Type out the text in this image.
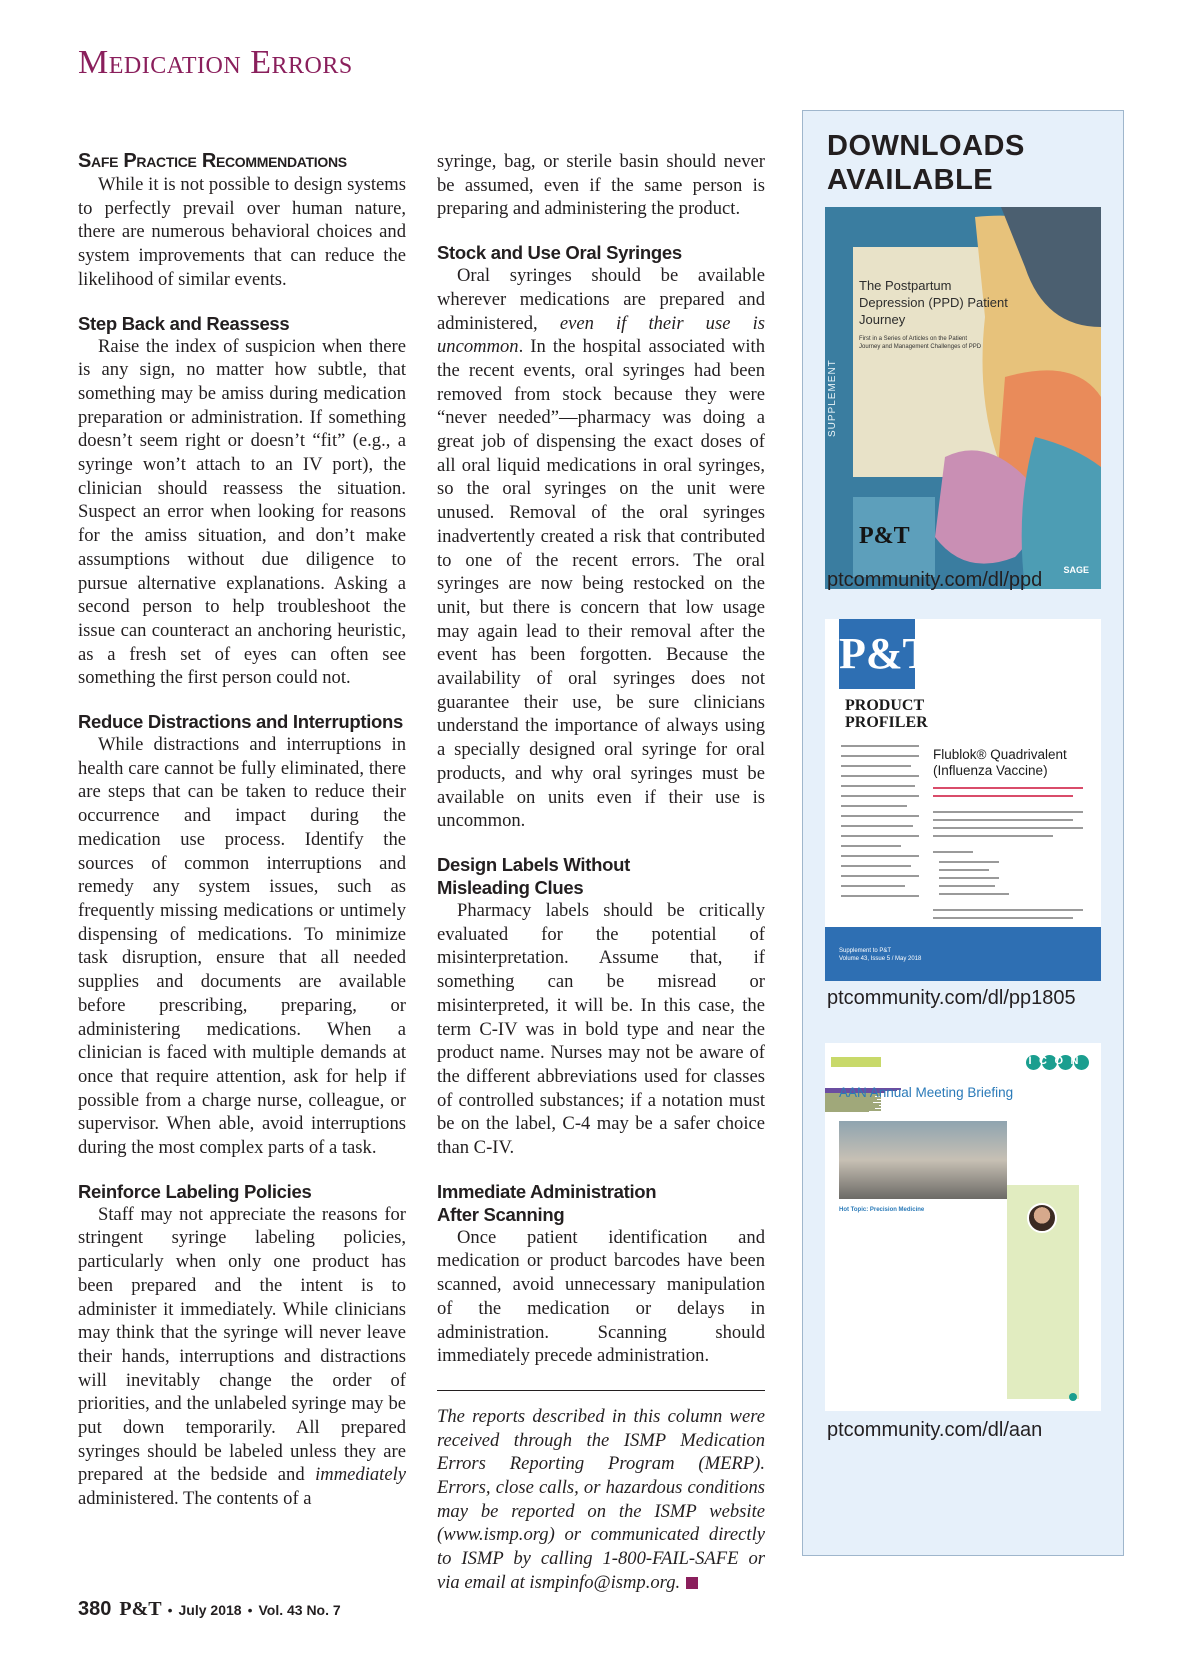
Medication Errors
Safe Practice Recommendations

While it is not possible to design systems to perfectly prevail over human nature, there are numerous behavioral choices and system improvements that can reduce the likelihood of similar events.

Step Back and Reassess

Raise the index of suspicion when there is any sign, no matter how subtle, that something may be amiss during medication preparation or administration. If something doesn’t seem right or doesn’t “fit” (e.g., a syringe won’t attach to an IV port), the clinician should reassess the situation. Suspect an error when looking for reasons for the amiss situation, and don’t make assumptions without due diligence to pursue alternative explanations. Asking a second person to help troubleshoot the issue can counteract an anchoring heuristic, as a fresh set of eyes can often see something the first person could not.

Reduce Distractions and Interruptions

While distractions and interruptions in health care cannot be fully eliminated, there are steps that can be taken to reduce their occurrence and impact during the medication use process. Identify the sources of common interruptions and remedy any system issues, such as frequently missing medications or untimely dispensing of medications. To minimize task disruption, ensure that all needed supplies and documents are available before prescribing, preparing, or administering medications. When a clinician is faced with multiple demands at once that require attention, ask for help if possible from a charge nurse, colleague, or supervisor. When able, avoid interruptions during the most complex parts of a task.

Reinforce Labeling Policies

Staff may not appreciate the reasons for stringent syringe labeling policies, particularly when only one product has been prepared and the intent is to administer it immediately. While clinicians may think that the syringe will never leave their hands, interruptions and distractions will inevitably change the order of priorities, and the unlabeled syringe may be put down temporarily. All prepared syringes should be labeled unless they are prepared at the bedside and immediately administered. The contents of a

syringe, bag, or sterile basin should never be assumed, even if the same person is preparing and administering the product.

Stock and Use Oral Syringes

Oral syringes should be available wherever medications are prepared and administered, even if their use is uncommon. In the hospital associated with the recent events, oral syringes had been removed from stock because they were “never needed”—pharmacy was doing a great job of dispensing the exact doses of all oral liquid medications in oral syringes, so the oral syringes on the unit were unused. Removal of the oral syringes inadvertently created a risk that contributed to one of the recent errors. The oral syringes are now being restocked on the unit, but there is concern that low usage may again lead to their removal after the event has been forgotten. Because the availability of oral syringes does not guarantee their use, be sure clinicians understand the importance of always using a specially designed oral syringe for oral products, and why oral syringes must be available on units even if their use is uncommon.

Design Labels Without
Misleading Clues

Pharmacy labels should be critically evaluated for the potential of misinterpretation. Assume that, if something can be misread or misinterpreted, it will be. In this case, the term C-IV was in bold type and near the product name. Nurses may not be aware of the different abbreviations used for classes of controlled substances; if a notation must be on the label, C-4 may be a safer choice than C-IV.

Immediate Administration
After Scanning

Once patient identification and medication or product barcodes have been scanned, avoid unnecessary manipulation of the medication or delays in administration. Scanning should immediately precede administration.

The reports described in this column were received through the ISMP Medication Errors Reporting Program (MERP). Errors, close calls, or hazardous conditions may be reported on the ISMP website (www.ismp.org) or communicated directly to ISMP by calling 1-800-FAIL-SAFE or via email at ismpinfo@ismp.org.

DOWNLOADS
AVAILABLE
The Postpartum Depression (PPD) Patient Journey
First in a Series of Articles on the Patient Journey and Management Challenges of PPD
SUPPLEMENT
P&T
SAGE
ptcommunity.com/dl/ppd
P&T
PRODUCT
PROFILER
Flublok® Quadrivalent
(Influenza Vaccine)
Supplement to P&T
Volume 43, Issue 5 / May 2018
ptcommunity.com/dl/pp1805
ICON
AAN Annual Meeting Briefing
Hot Topic: Precision Medicine
ptcommunity.com/dl/aan
380 P&T • July 2018 • Vol. 43 No. 7
